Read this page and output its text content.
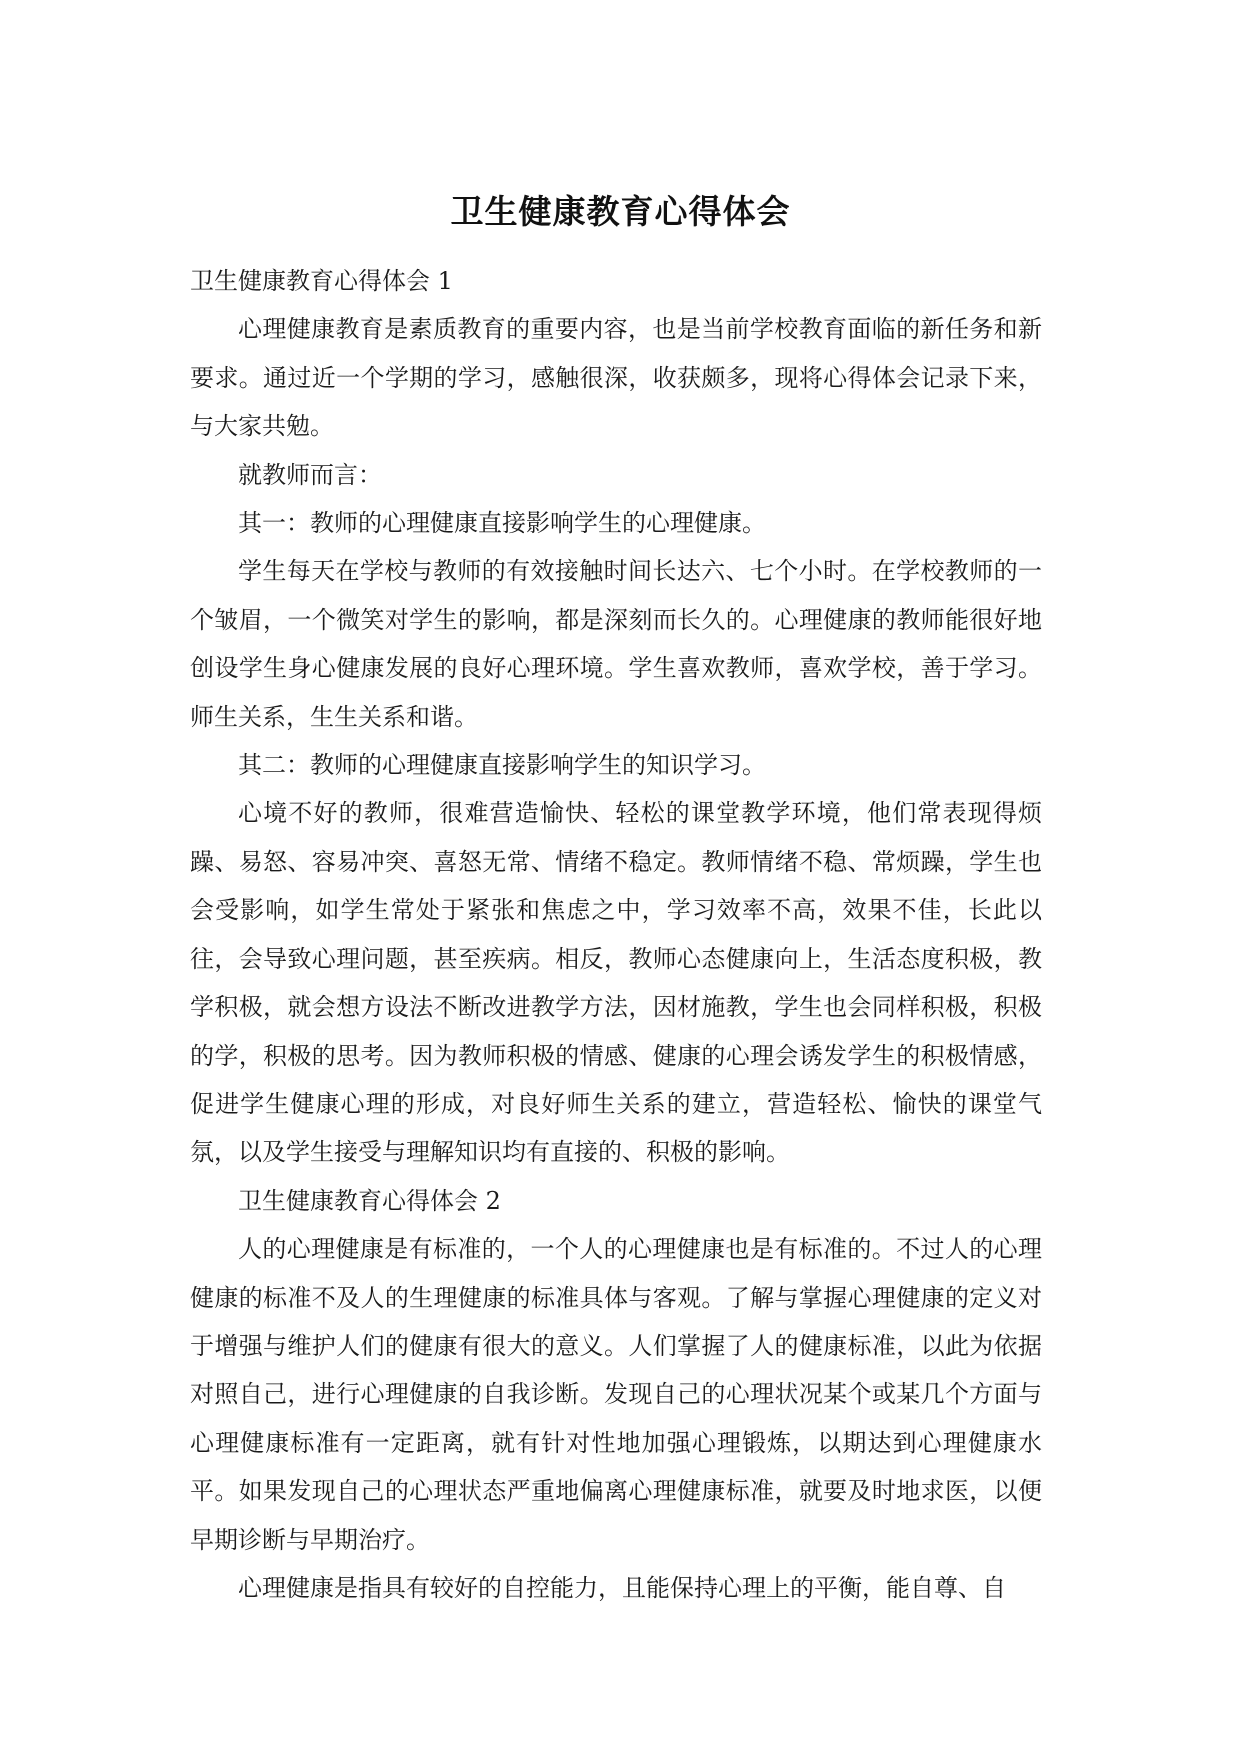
卫生健康教育心得体会

卫生健康教育心得体会 1

心理健康教育是素质教育的重要内容，也是当前学校教育面临的新任务和新要求。通过近一个学期的学习，感触很深，收获颇多，现将心得体会记录下来，与大家共勉。

就教师而言：

其一：教师的心理健康直接影响学生的心理健康。

学生每天在学校与教师的有效接触时间长达六、七个小时。在学校教师的一个皱眉，一个微笑对学生的影响，都是深刻而长久的。心理健康的教师能很好地创设学生身心健康发展的良好心理环境。学生喜欢教师，喜欢学校，善于学习。师生关系，生生关系和谐。

其二：教师的心理健康直接影响学生的知识学习。

心境不好的教师，很难营造愉快、轻松的课堂教学环境，他们常表现得烦躁、易怒、容易冲突、喜怒无常、情绪不稳定。教师情绪不稳、常烦躁，学生也会受影响，如学生常处于紧张和焦虑之中，学习效率不高，效果不佳，长此以往，会导致心理问题，甚至疾病。相反，教师心态健康向上，生活态度积极，教学积极，就会想方设法不断改进教学方法，因材施教，学生也会同样积极，积极的学，积极的思考。因为教师积极的情感、健康的心理会诱发学生的积极情感，促进学生健康心理的形成，对良好师生关系的建立，营造轻松、愉快的课堂气氛，以及学生接受与理解知识均有直接的、积极的影响。

卫生健康教育心得体会 2

人的心理健康是有标准的，一个人的心理健康也是有标准的。不过人的心理健康的标准不及人的生理健康的标准具体与客观。了解与掌握心理健康的定义对于增强与维护人们的健康有很大的意义。人们掌握了人的健康标准，以此为依据对照自己，进行心理健康的自我诊断。发现自己的心理状况某个或某几个方面与心理健康标准有一定距离，就有针对性地加强心理锻炼，以期达到心理健康水平。如果发现自己的心理状态严重地偏离心理健康标准，就要及时地求医，以便早期诊断与早期治疗。

心理健康是指具有较好的自控能力，且能保持心理上的平衡，能自尊、自
